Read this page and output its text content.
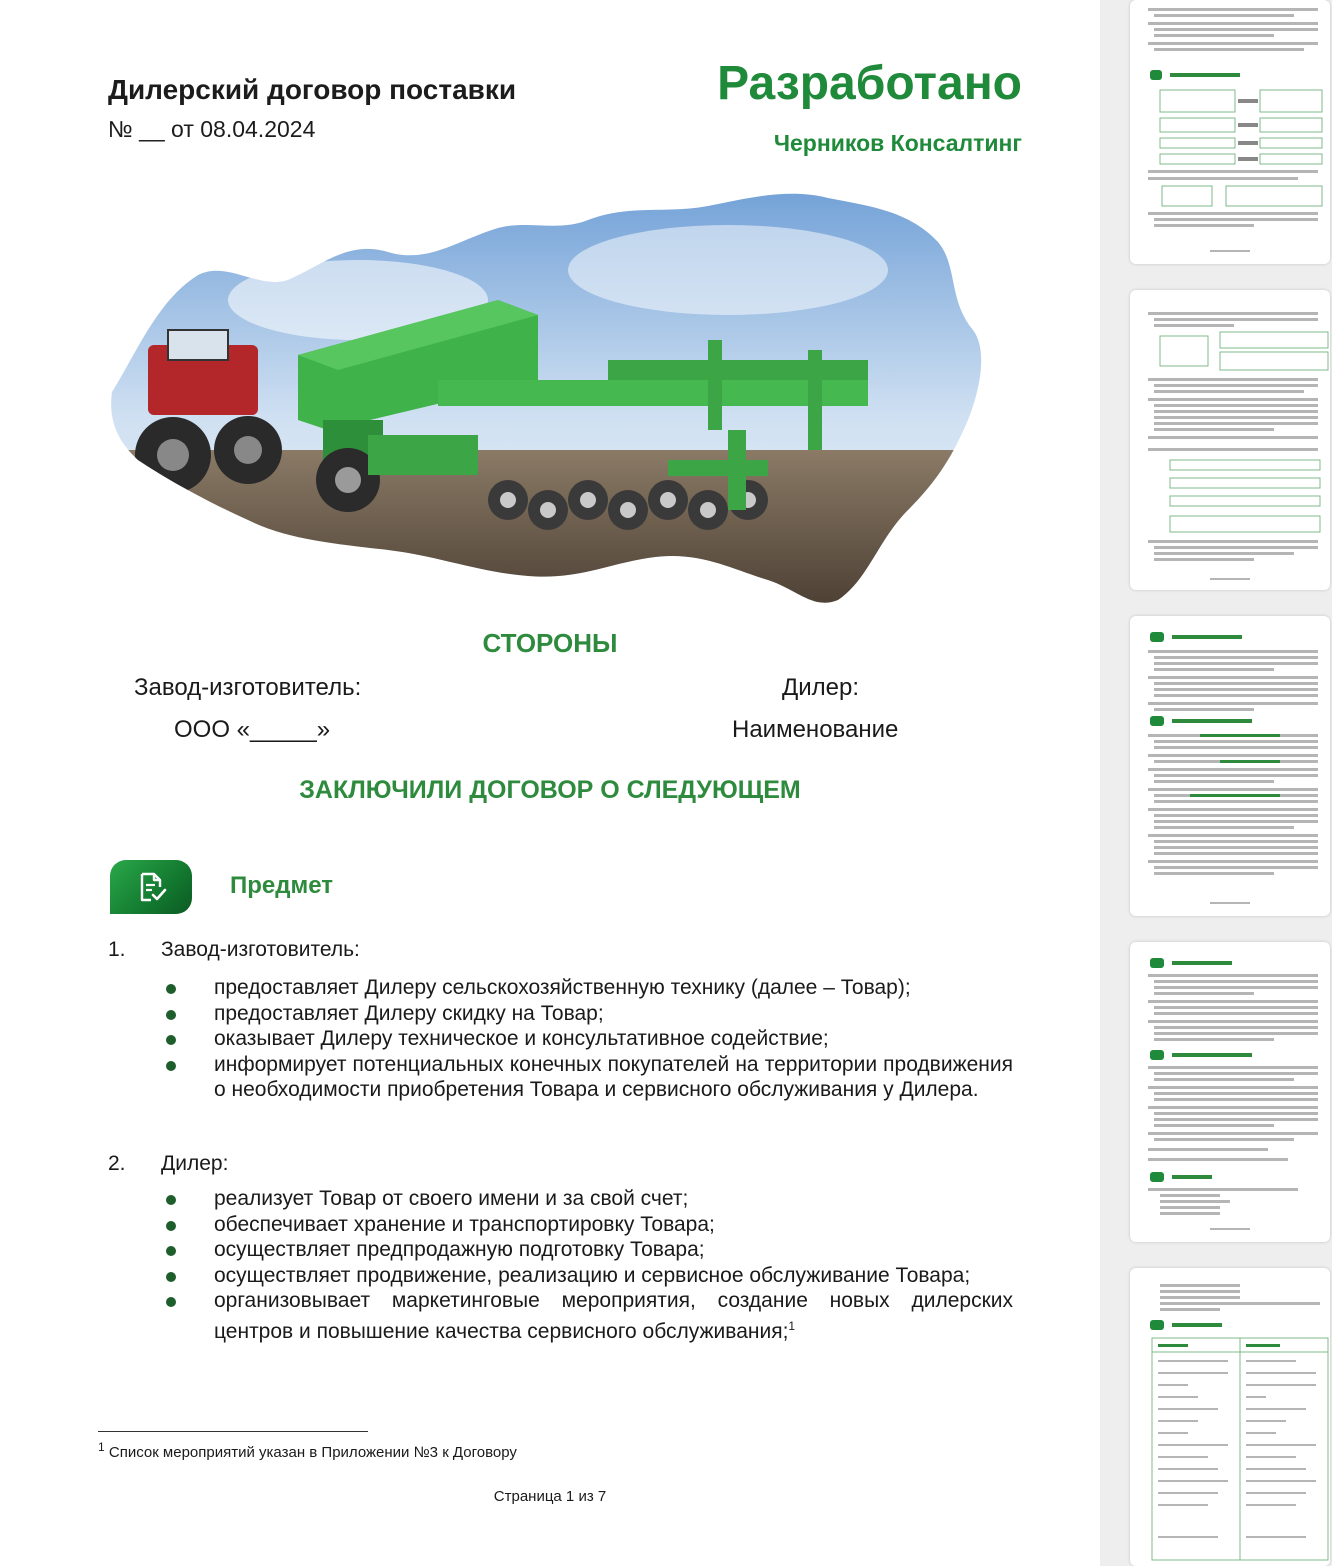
Дилерский договор поставки
№ __ от 08.04.2024
Разработано
Черников Консалтинг
СТОРОНЫ
Завод-изготовитель:
ООО «_____»
Дилер:
Наименование
ЗАКЛЮЧИЛИ ДОГОВОР О СЛЕДУЮЩЕМ
Предмет
1. Завод-изготовитель:
предоставляет Дилеру сельскохозяйственную технику (далее – Товар);
предоставляет Дилеру скидку на Товар;
оказывает Дилеру техническое и консультативное содействие;
информирует потенциальных конечных покупателей на территории продвижения о необходимости приобретения Товара и сервисного обслуживания у Дилера.
2. Дилер:
реализует Товар от своего имени и за свой счет;
обеспечивает хранение и транспортировку Товара;
осуществляет предпродажную подготовку Товара;
осуществляет продвижение, реализацию и сервисное обслуживание Товара;
организовывает маркетинговые мероприятия, создание новых дилерских центров и повышение качества сервисного обслуживания;$^1$
$^1$ Список мероприятий указан в Приложении №3 к Договору
Страница 1 из 7
